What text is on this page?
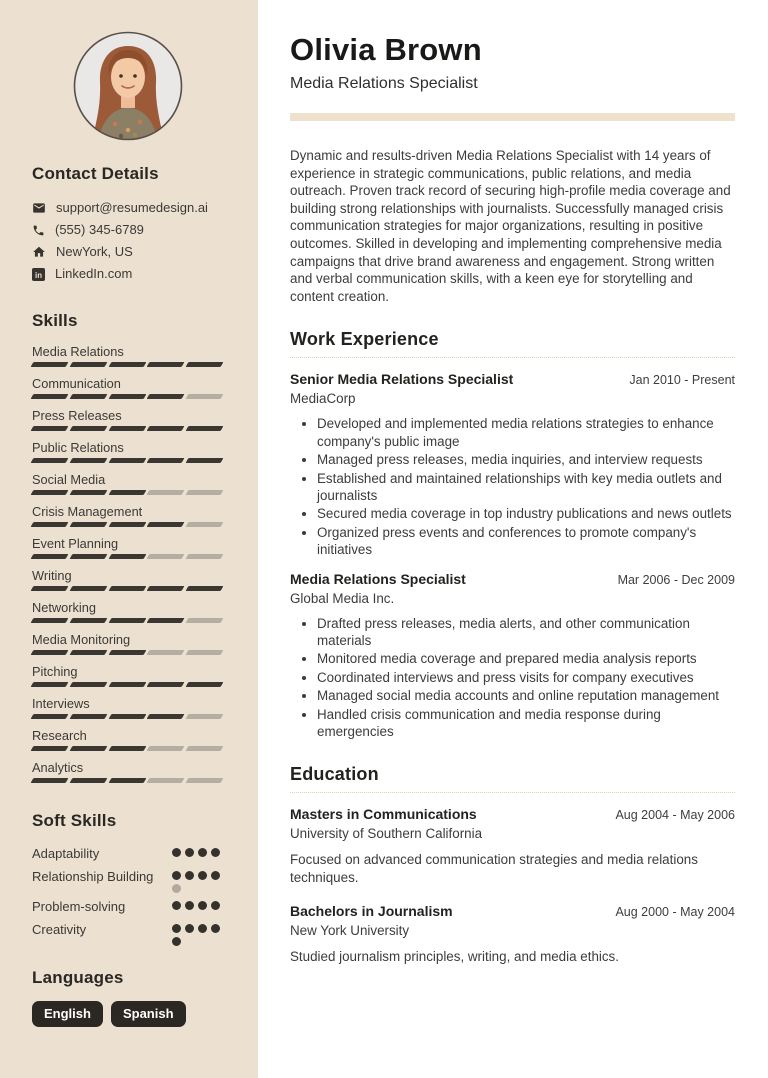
Contact Details
support@resumedesign.ai
(555) 345-6789
NewYork, US
in LinkedIn.com
Skills
Media Relations
Communication
Press Releases
Public Relations
Social Media
Crisis Management
Event Planning
Writing
Networking
Media Monitoring
Pitching
Interviews
Research
Analytics
Soft Skills
Adaptability
Relationship Building
Problem-solving
Creativity
Languages
English	Spanish
Olivia Brown
Media Relations Specialist

Dynamic and results-driven Media Relations Specialist with 14 years of experience in strategic communications, public relations, and media outreach. Proven track record of securing high-profile media coverage and building strong relationships with journalists. Successfully managed crisis communication strategies for major organizations, resulting in positive outcomes. Skilled in developing and implementing comprehensive media campaigns that drive brand awareness and engagement. Strong written and verbal communication skills, with a keen eye for storytelling and content creation.

Work Experience
Senior Media Relations Specialist	Jan 2010 - Present
MediaCorp
• Developed and implemented media relations strategies to enhance company's public image
• Managed press releases, media inquiries, and interview requests
• Established and maintained relationships with key media outlets and journalists
• Secured media coverage in top industry publications and news outlets
• Organized press events and conferences to promote company's initiatives
Media Relations Specialist	Mar 2006 - Dec 2009
Global Media Inc.
• Drafted press releases, media alerts, and other communication materials
• Monitored media coverage and prepared media analysis reports
• Coordinated interviews and press visits for company executives
• Managed social media accounts and online reputation management
• Handled crisis communication and media response during emergencies
Education
Masters in Communications	Aug 2004 - May 2006
University of Southern California
Focused on advanced communication strategies and media relations techniques.
Bachelors in Journalism	Aug 2000 - May 2004
New York University
Studied journalism principles, writing, and media ethics.
